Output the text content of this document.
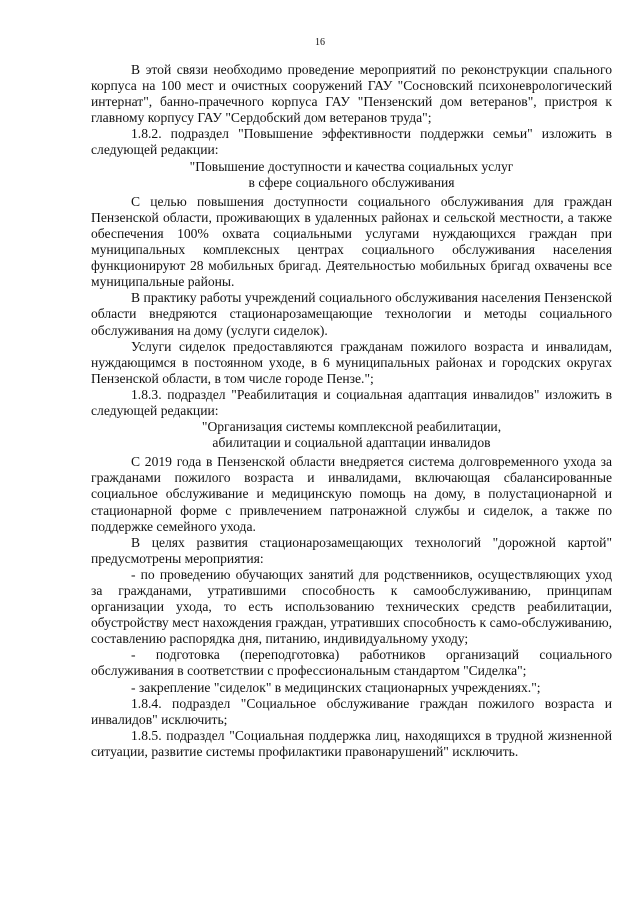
16

В этой связи необходимо проведение мероприятий по реконструкции спального корпуса на 100 мест и очистных сооружений ГАУ "Сосновский психоневрологический интернат", банно-прачечного корпуса ГАУ "Пензенский дом ветеранов", пристроя к главному корпусу ГАУ "Сердобский дом ветеранов труда";

1.8.2. подраздел "Повышение эффективности поддержки семьи" изложить в следующей редакции:

"Повышение доступности и качества социальных услуг
в сфере социального обслуживания

С целью повышения доступности социального обслуживания для граждан Пензенской области, проживающих в удаленных районах и сельской местности, а также обеспечения 100% охвата социальными услугами нуждающихся граждан при муниципальных комплексных центрах социального обслуживания населения функционируют 28 мобильных бригад. Деятельностью мобильных бригад охвачены все муниципальные районы.

В практику работы учреждений социального обслуживания населения Пензенской области внедряются стационарозамещающие технологии и методы социального обслуживания на дому (услуги сиделок).

Услуги сиделок предоставляются гражданам пожилого возраста и инвалидам, нуждающимся в постоянном уходе, в 6 муниципальных районах и городских округах Пензенской области, в том числе городе Пензе.";

1.8.3. подраздел "Реабилитация и социальная адаптация инвалидов" изложить в следующей редакции:

"Организация системы комплексной реабилитации,
абилитации и социальной адаптации инвалидов

С 2019 года в Пензенской области внедряется система долговременного ухода за гражданами пожилого возраста и инвалидами, включающая сбалансированные социальное обслуживание и медицинскую помощь на дому, в полустационарной и стационарной форме с привлечением патронажной службы и сиделок, а также по поддержке семейного ухода.

В целях развития стационарозамещающих технологий "дорожной картой" предусмотрены мероприятия:

- по проведению обучающих занятий для родственников, осуществляющих уход за гражданами, утратившими способность к самообслуживанию, принципам организации ухода, то есть использованию технических средств реабилитации, обустройству мест нахождения граждан, утративших способность к само-обслуживанию, составлению распорядка дня, питанию, индивидуальному уходу;

- подготовка (переподготовка) работников организаций социального обслуживания в соответствии с профессиональным стандартом "Сиделка";

- закрепление "сиделок" в медицинских стационарных учреждениях.";

1.8.4. подраздел "Социальное обслуживание граждан пожилого возраста и инвалидов" исключить;

1.8.5. подраздел "Социальная поддержка лиц, находящихся в трудной жизненной ситуации, развитие системы профилактики правонарушений" исключить.
